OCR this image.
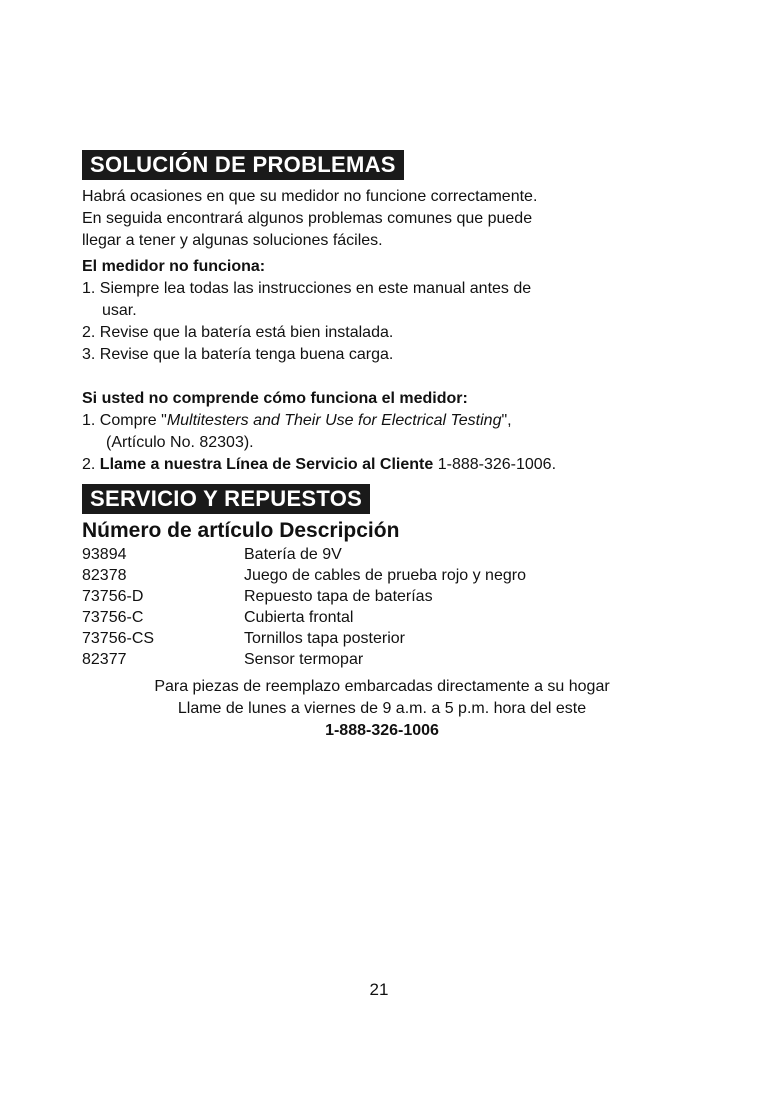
SOLUCIÓN DE PROBLEMAS

Habrá ocasiones en que su medidor no funcione correctamente.

En seguida encontrará algunos problemas comunes que puede

llegar a tener y algunas soluciones fáciles.

El medidor no funciona:

1. Siempre lea todas las instrucciones en este manual antes de

usar.

2. Revise que la batería está bien instalada.

3. Revise que la batería tenga buena carga.

Si usted no comprende cómo funciona el medidor:

1. Compre "Multitesters and Their Use for Electrical Testing",

(Artículo No. 82303).

2. Llame a nuestra Línea de Servicio al Cliente 1-888-326-1006.

SERVICIO Y REPUESTOS

Número de artículo Descripción

93894	Batería de 9V
82378	Juego de cables de prueba rojo y negro
73756-D	Repuesto tapa de baterías
73756-C	Cubierta frontal
73756-CS	Tornillos tapa posterior
82377	Sensor termopar

Para piezas de reemplazo embarcadas directamente a su hogar

Llame de lunes a viernes de 9 a.m. a 5 p.m. hora del este

1-888-326-1006

21
